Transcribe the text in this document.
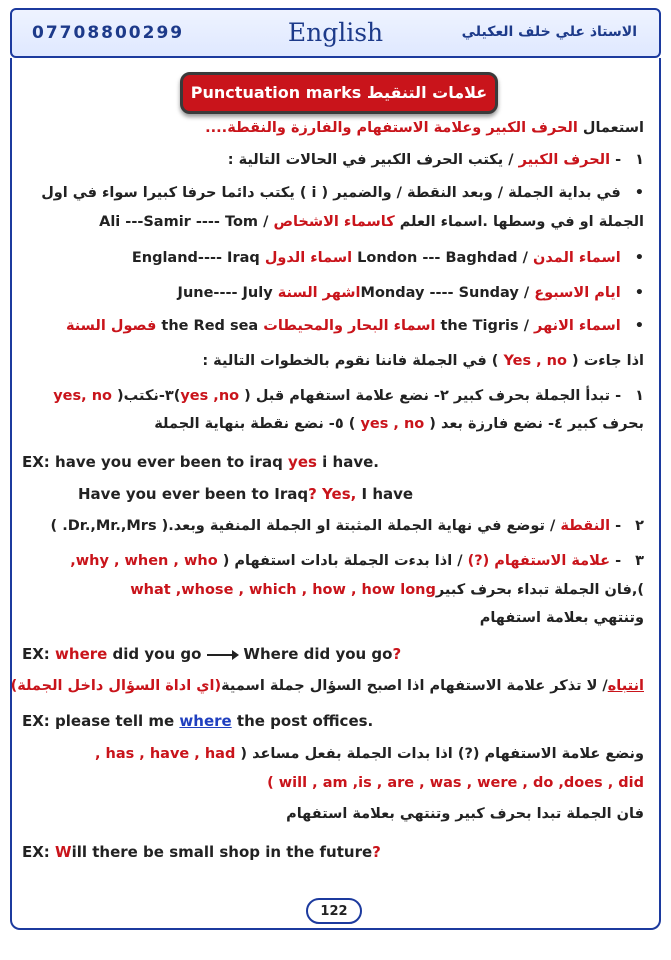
07708800299	English	الاستاذ علي خلف العكيلي
Punctuation marks علامات التنقيط
استعمال الحرف الكبير وعلامة الاستفهام والفارزة والنقطة....
١- الحرف الكبير / يكتب الحرف الكبير في الحالات التالية :
•في بداية الجملة / وبعد النقطة / والضمير ( i ) يكتب دائما حرفا كبيرا سواء في اول
الجملة او في وسطها .اسماء العلم كاسماء الاشخاص / Ali ---Samir ---- Tom
•اسماء المدن / London --- Baghdad اسماء الدول England---- Iraq
•ايام الاسبوع / Monday ---- Sundayاشهر السنة June---- July
•اسماء الانهر / the Tigris اسماء البحار والمحيطات the Red sea فصول السنة
اذا جاءت ( Yes , no ) في الجملة فاننا نقوم بالخطوات التالية :
١- تبدأ الجملة بحرف كبير ٢- نضع علامة استفهام قبل ( yes ,no)٣-نكتب( yes, no
بحرف كبير ٤- نضع فارزة بعد ( yes , no ) ٥- نضع نقطة بنهاية الجملة
EX: have you ever been to iraq yes i have.
Have you ever been to Iraq? Yes, I have
٢- النقطة / توضع في نهاية الجملة المثبتة او الجملة المنفية وبعد.( Dr.,Mr.,Mrs. )
٣- علامة الاستفهام (?) / اذا بدءت الجملة بادات استفهام ( why , when , who,
),فان الجملة تبداء بحرف كبيرwhat ,whose , which , how , how long
وتنتهي بعلامة استفهام
EX: where did you go	Where did you go?
انتباه/ لا تذكر علامة الاستفهام اذا اصبح السؤال جملة اسمية(اي اداة السؤال داخل الجملة)
EX: please tell me where the post offices.
ونضع علامة الاستفهام (?) اذا بدات الجملة بفعل مساعد ( has , have , had ,
( will , am ,is , are , was , were , do ,does , did
فان الجملة تبدا بحرف كبير وتنتهي بعلامة استفهام
EX: Will there be small shop in the future?
122
